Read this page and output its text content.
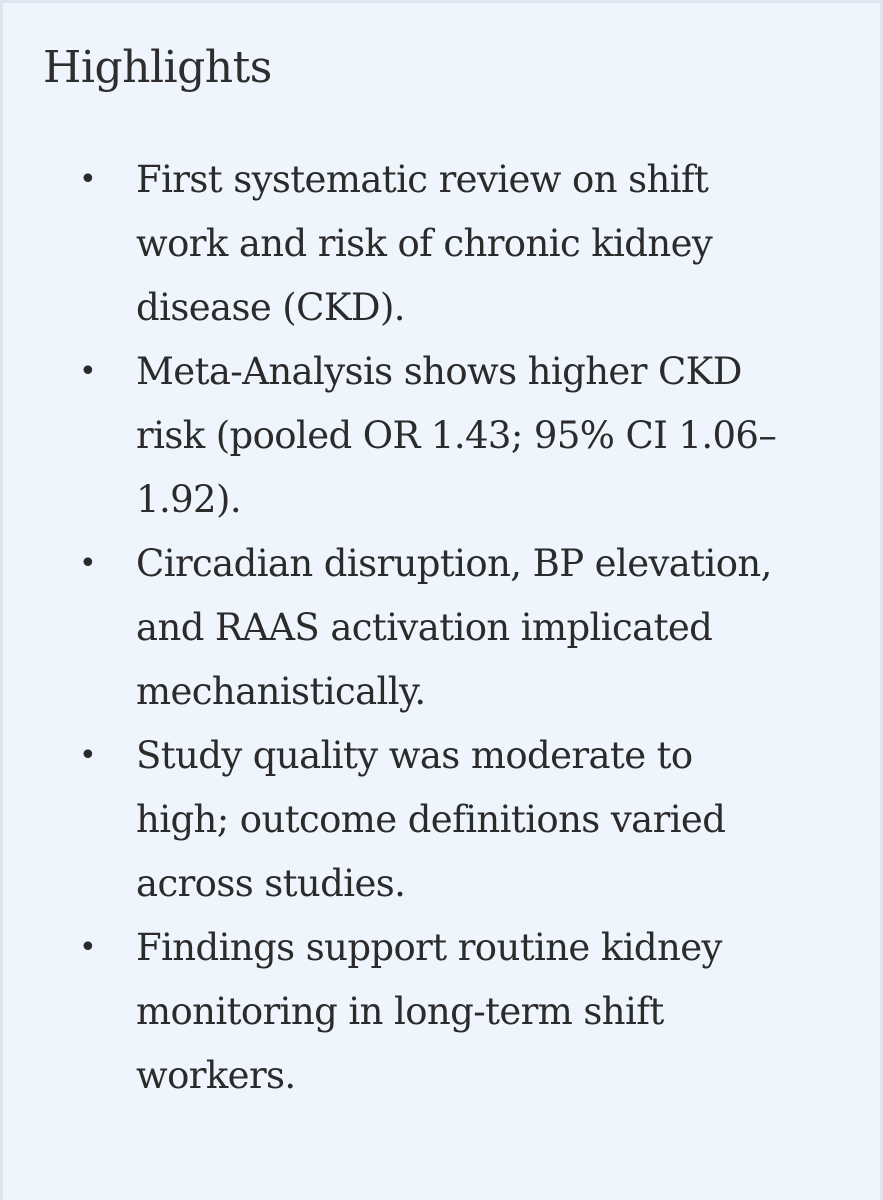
Highlights
• First systematic review on shift
work and risk of chronic kidney
disease (CKD).
• Meta-Analysis shows higher CKD
risk (pooled OR 1.43; 95% CI 1.06–
1.92).
• Circadian disruption, BP elevation,
and RAAS activation implicated
mechanistically.
• Study quality was moderate to
high; outcome definitions varied
across studies.
• Findings support routine kidney
monitoring in long-term shift
workers.
